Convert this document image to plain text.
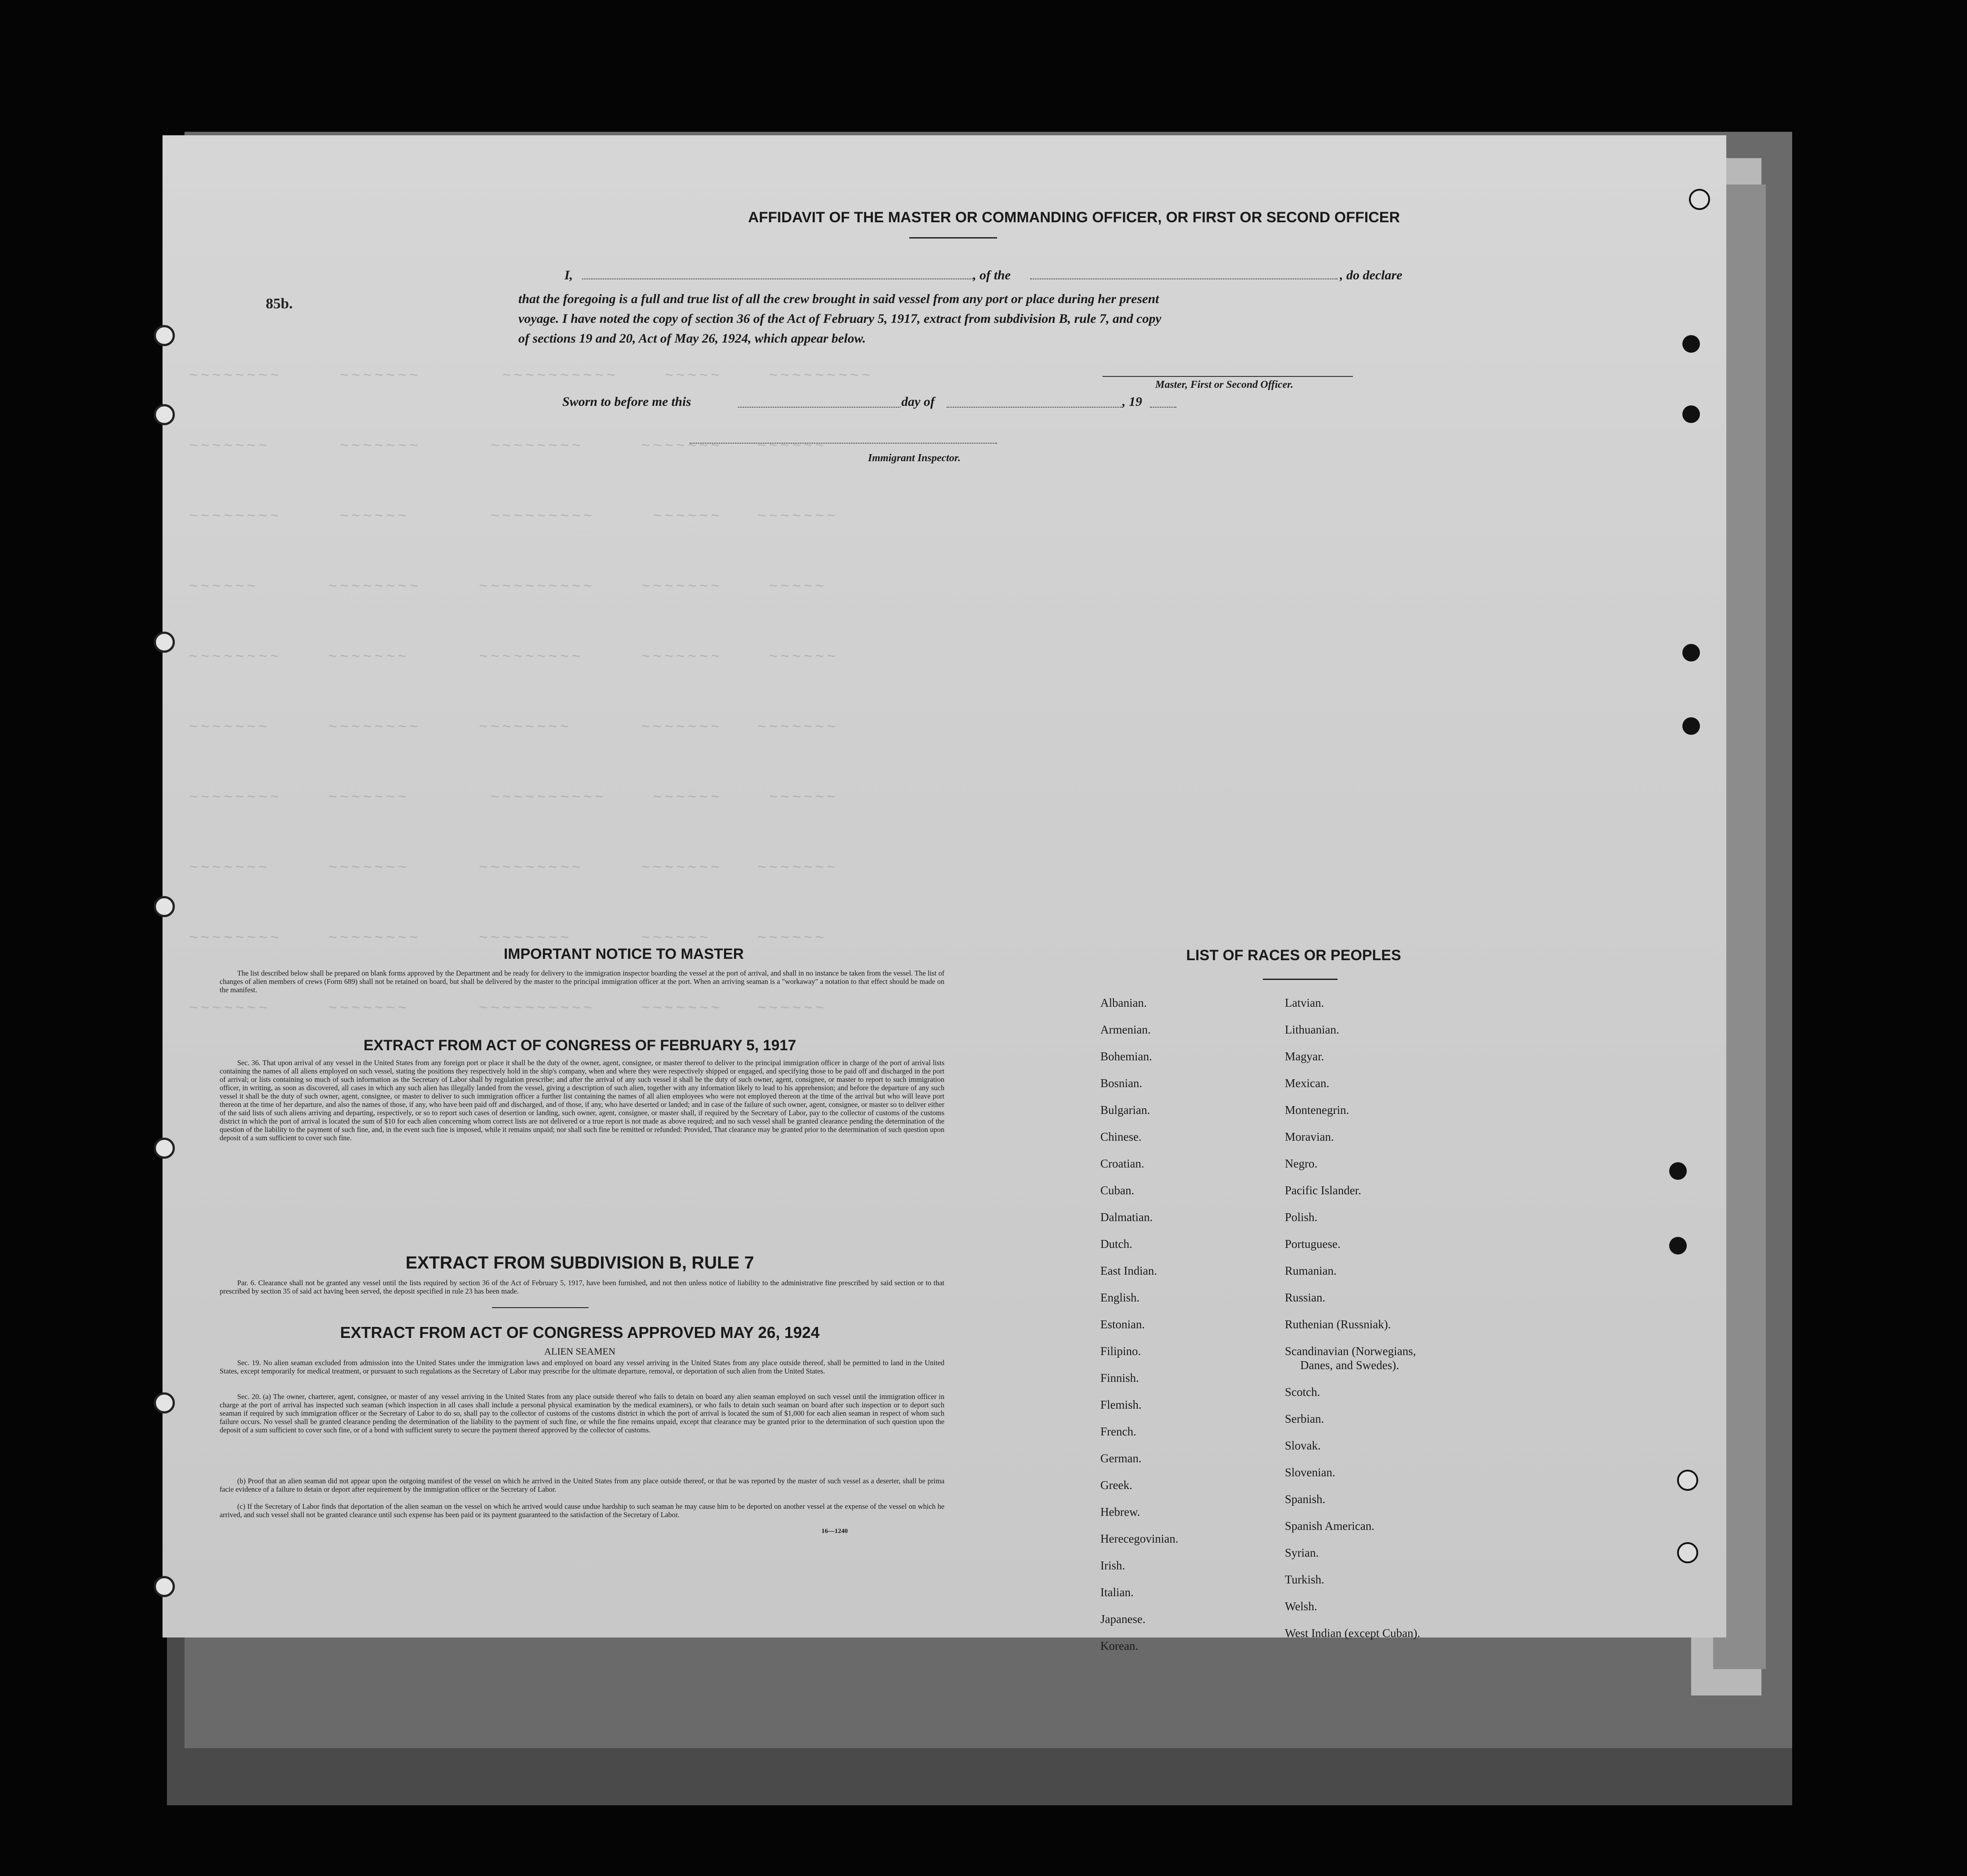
~~~~~~~~     ~~~~~~~       ~~~~~~~~~~    ~~~~~    ~~~~~~~~~
~~~~~~~      ~~~~~~~      ~~~~~~~~     ~~~~~~~   ~~~~~~
~~~~~~~~     ~~~~~~       ~~~~~~~~~     ~~~~~~   ~~~~~~~
~~~~~~      ~~~~~~~~     ~~~~~~~~~~    ~~~~~~~    ~~~~~
~~~~~~~~    ~~~~~~~      ~~~~~~~~~     ~~~~~~~    ~~~~~~
~~~~~~~     ~~~~~~~~     ~~~~~~~~      ~~~~~~~   ~~~~~~~
~~~~~~~~    ~~~~~~~       ~~~~~~~~~~    ~~~~~~    ~~~~~~
~~~~~~~     ~~~~~~~      ~~~~~~~~~     ~~~~~~~   ~~~~~~~
~~~~~~~~    ~~~~~~~~     ~~~~~~~~      ~~~~~~    ~~~~~~
~~~~~~~     ~~~~~~~      ~~~~~~~~~~    ~~~~~~~   ~~~~~~
85b.
AFFIDAVIT OF THE MASTER OR COMMANDING OFFICER, OR FIRST OR SECOND OFFICER
I,	, of the	, do declare
that the foregoing is a full and true list of all the crew brought in said vessel from any port or place during her present
voyage. I have noted the copy of section 36 of the Act of February 5, 1917, extract from subdivision B, rule 7, and copy
of sections 19 and 20, Act of May 26, 1924, which appear below.
Master, First or Second Officer.
Sworn to before me this	day of	, 19
Immigrant Inspector.
IMPORTANT NOTICE TO MASTER
The list described below shall be prepared on blank forms approved by the Department and be ready for delivery to the immigration inspector boarding the vessel at the port of arrival, and shall in no instance be taken from the vessel. The list of changes of alien members of crews (Form 689) shall not be retained on board, but shall be delivered by the master to the principal immigration officer at the port. When an arriving seaman is a "workaway" a notation to that effect should be made on the manifest.
EXTRACT FROM ACT OF CONGRESS OF FEBRUARY 5, 1917
Sec. 36. That upon arrival of any vessel in the United States from any foreign port or place it shall be the duty of the owner, agent, consignee, or master thereof to deliver to the principal immigration officer in charge of the port of arrival lists containing the names of all aliens employed on such vessel, stating the positions they respectively hold in the ship's company, when and where they were respectively shipped or engaged, and specifying those to be paid off and discharged in the port of arrival; or lists containing so much of such information as the Secretary of Labor shall by regulation prescribe; and after the arrival of any such vessel it shall be the duty of such owner, agent, consignee, or master to report to such immigration officer, in writing, as soon as discovered, all cases in which any such alien has illegally landed from the vessel, giving a description of such alien, together with any information likely to lead to his apprehension; and before the departure of any such vessel it shall be the duty of such owner, agent, consignee, or master to deliver to such immigration officer a further list containing the names of all alien employees who were not employed thereon at the time of the arrival but who will leave port thereon at the time of her departure, and also the names of those, if any, who have been paid off and discharged, and of those, if any, who have deserted or landed; and in case of the failure of such owner, agent, consignee, or master so to deliver either of the said lists of such aliens arriving and departing, respectively, or so to report such cases of desertion or landing, such owner, agent, consignee, or master shall, if required by the Secretary of Labor, pay to the collector of customs of the customs district in which the port of arrival is located the sum of $10 for each alien concerning whom correct lists are not delivered or a true report is not made as above required; and no such vessel shall be granted clearance pending the determination of the question of the liability to the payment of such fine, and, in the event such fine is imposed, while it remains unpaid; nor shall such fine be remitted or refunded: Provided, That clearance may be granted prior to the determination of such question upon deposit of a sum sufficient to cover such fine.
EXTRACT FROM SUBDIVISION B, RULE 7
Par. 6. Clearance shall not be granted any vessel until the lists required by section 36 of the Act of February 5, 1917, have been furnished, and not then unless notice of liability to the administrative fine prescribed by said section or to that prescribed by section 35 of said act having been served, the deposit specified in rule 23 has been made.
EXTRACT FROM ACT OF CONGRESS APPROVED MAY 26, 1924
ALIEN SEAMEN
Sec. 19. No alien seaman excluded from admission into the United States under the immigration laws and employed on board any vessel arriving in the United States from any place outside thereof, shall be permitted to land in the United States, except temporarily for medical treatment, or pursuant to such regulations as the Secretary of Labor may prescribe for the ultimate departure, removal, or deportation of such alien from the United States.
Sec. 20. (a) The owner, charterer, agent, consignee, or master of any vessel arriving in the United States from any place outside thereof who fails to detain on board any alien seaman employed on such vessel until the immigration officer in charge at the port of arrival has inspected such seaman (which inspection in all cases shall include a personal physical examination by the medical examiners), or who fails to detain such seaman on board after such inspection or to deport such seaman if required by such immigration officer or the Secretary of Labor to do so, shall pay to the collector of customs of the customs district in which the port of arrival is located the sum of $1,000 for each alien seaman in respect of whom such failure occurs. No vessel shall be granted clearance pending the determination of the liability to the payment of such fine, or while the fine remains unpaid, except that clearance may be granted prior to the determination of such question upon the deposit of a sum sufficient to cover such fine, or of a bond with sufficient surety to secure the payment thereof approved by the collector of customs.
(b) Proof that an alien seaman did not appear upon the outgoing manifest of the vessel on which he arrived in the United States from any place outside thereof, or that he was reported by the master of such vessel as a deserter, shall be prima facie evidence of a failure to detain or deport after requirement by the immigration officer or the Secretary of Labor.
(c) If the Secretary of Labor finds that deportation of the alien seaman on the vessel on which he arrived would cause undue hardship to such seaman he may cause him to be deported on another vessel at the expense of the vessel on which he arrived, and such vessel shall not be granted clearance until such expense has been paid or its payment guaranteed to the satisfaction of the Secretary of Labor.
16—1240
LIST OF RACES OR PEOPLES
Albanian.
Armenian.
Bohemian.
Bosnian.
Bulgarian.
Chinese.
Croatian.
Cuban.
Dalmatian.
Dutch.
East Indian.
English.
Estonian.
Filipino.
Finnish.
Flemish.
French.
German.
Greek.
Hebrew.
Herecegovinian.
Irish.
Italian.
Japanese.
Korean.
Latvian.
Lithuanian.
Magyar.
Mexican.
Montenegrin.
Moravian.
Negro.
Pacific Islander.
Polish.
Portuguese.
Rumanian.
Russian.
Ruthenian (Russniak).
Scandinavian (Norwegians,
Danes, and Swedes).
Scotch.
Serbian.
Slovak.
Slovenian.
Spanish.
Spanish American.
Syrian.
Turkish.
Welsh.
West Indian (except Cuban).
